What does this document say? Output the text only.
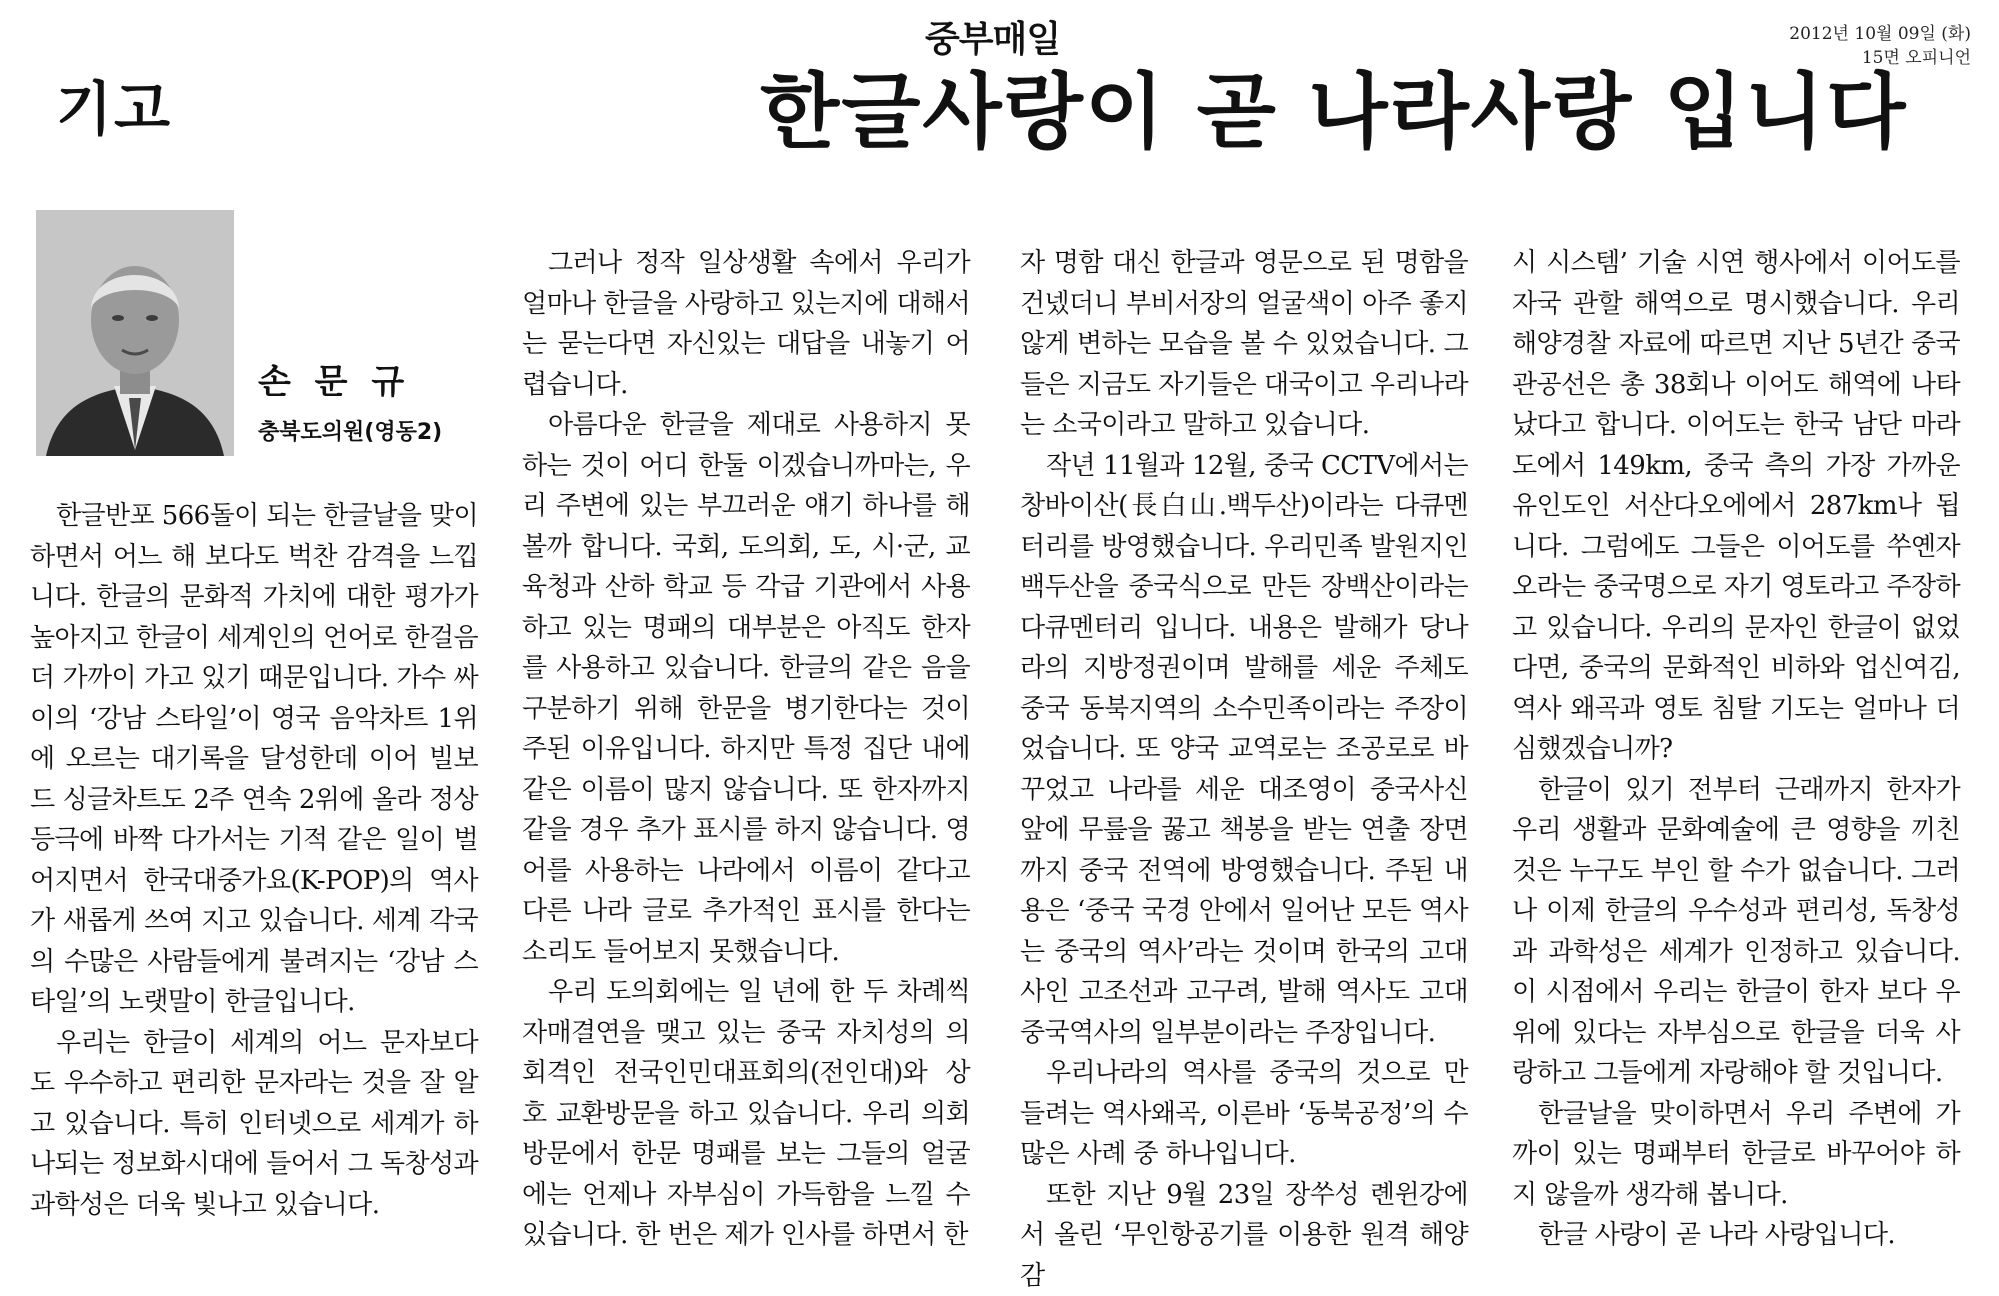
중부매일	2012년 10월 09일 (화)
15면 오피니언
기고	한글사랑이 곧 나라사랑 입니다
손 문 규
충북도의원(영동2)

한글반포 566돌이 되는 한글날을 맞이하면서 어느 해 보다도 벅찬 감격을 느낍니다. 한글의 문화적 가치에 대한 평가가 높아지고 한글이 세계인의 언어로 한걸음 더 가까이 가고 있기 때문입니다. 가수 싸이의 ‘강남 스타일’이 영국 음악차트 1위에 오르는 대기록을 달성한데 이어 빌보드 싱글차트도 2주 연속 2위에 올라 정상 등극에 바짝 다가서는 기적 같은 일이 벌어지면서 한국대중가요(K-POP)의 역사가 새롭게 쓰여 지고 있습니다. 세계 각국의 수많은 사람들에게 불려지는 ‘강남 스타일’의 노랫말이 한글입니다.

우리는 한글이 세계의 어느 문자보다도 우수하고 편리한 문자라는 것을 잘 알고 있습니다. 특히 인터넷으로 세계가 하나되는 정보화시대에 들어서 그 독창성과 과학성은 더욱 빛나고 있습니다.

그러나 정작 일상생활 속에서 우리가 얼마나 한글을 사랑하고 있는지에 대해서는 묻는다면 자신있는 대답을 내놓기 어렵습니다.

아름다운 한글을 제대로 사용하지 못하는 것이 어디 한둘 이겠습니까마는, 우리 주변에 있는 부끄러운 얘기 하나를 해 볼까 합니다. 국회, 도의회, 도, 시·군, 교육청과 산하 학교 등 각급 기관에서 사용하고 있는 명패의 대부분은 아직도 한자를 사용하고 있습니다. 한글의 같은 음을 구분하기 위해 한문을 병기한다는 것이 주된 이유입니다. 하지만 특정 집단 내에 같은 이름이 많지 않습니다. 또 한자까지 같을 경우 추가 표시를 하지 않습니다. 영어를 사용하는 나라에서 이름이 같다고 다른 나라 글로 추가적인 표시를 한다는 소리도 들어보지 못했습니다.

우리 도의회에는 일 년에 한 두 차례씩 자매결연을 맺고 있는 중국 자치성의 의회격인 전국인민대표회의(전인대)와 상호 교환방문을 하고 있습니다. 우리 의회 방문에서 한문 명패를 보는 그들의 얼굴에는 언제나 자부심이 가득함을 느낄 수 있습니다. 한 번은 제가 인사를 하면서 한

자 명함 대신 한글과 영문으로 된 명함을 건넸더니 부비서장의 얼굴색이 아주 좋지 않게 변하는 모습을 볼 수 있었습니다. 그들은 지금도 자기들은 대국이고 우리나라는 소국이라고 말하고 있습니다.

작년 11월과 12월, 중국 CCTV에서는 창바이산(長白山.백두산)이라는 다큐멘터리를 방영했습니다. 우리민족 발원지인 백두산을 중국식으로 만든 장백산이라는 다큐멘터리 입니다. 내용은 발해가 당나라의 지방정권이며 발해를 세운 주체도 중국 동북지역의 소수민족이라는 주장이었습니다. 또 양국 교역로는 조공로로 바꾸었고 나라를 세운 대조영이 중국사신 앞에 무릎을 꿇고 책봉을 받는 연출 장면까지 중국 전역에 방영했습니다. 주된 내용은 ‘중국 국경 안에서 일어난 모든 역사는 중국의 역사’라는 것이며 한국의 고대사인 고조선과 고구려, 발해 역사도 고대 중국역사의 일부분이라는 주장입니다.

우리나라의 역사를 중국의 것으로 만들려는 역사왜곡, 이른바 ‘동북공정’의 수많은 사례 중 하나입니다.

또한 지난 9월 23일 장쑤성 롄윈강에서 올린 ‘무인항공기를 이용한 원격 해양 감

시 시스템’ 기술 시연 행사에서 이어도를 자국 관할 해역으로 명시했습니다. 우리 해양경찰 자료에 따르면 지난 5년간 중국 관공선은 총 38회나 이어도 해역에 나타났다고 합니다. 이어도는 한국 남단 마라도에서 149km, 중국 측의 가장 가까운 유인도인 서산다오에에서 287km나 됩니다. 그럼에도 그들은 이어도를 쑤옌자오라는 중국명으로 자기 영토라고 주장하고 있습니다. 우리의 문자인 한글이 없었다면, 중국의 문화적인 비하와 업신여김, 역사 왜곡과 영토 침탈 기도는 얼마나 더 심했겠습니까?

한글이 있기 전부터 근래까지 한자가 우리 생활과 문화예술에 큰 영향을 끼친 것은 누구도 부인 할 수가 없습니다. 그러나 이제 한글의 우수성과 편리성, 독창성과 과학성은 세계가 인정하고 있습니다. 이 시점에서 우리는 한글이 한자 보다 우위에 있다는 자부심으로 한글을 더욱 사랑하고 그들에게 자랑해야 할 것입니다.

한글날을 맞이하면서 우리 주변에 가까이 있는 명패부터 한글로 바꾸어야 하지 않을까 생각해 봅니다.

한글 사랑이 곧 나라 사랑입니다.
